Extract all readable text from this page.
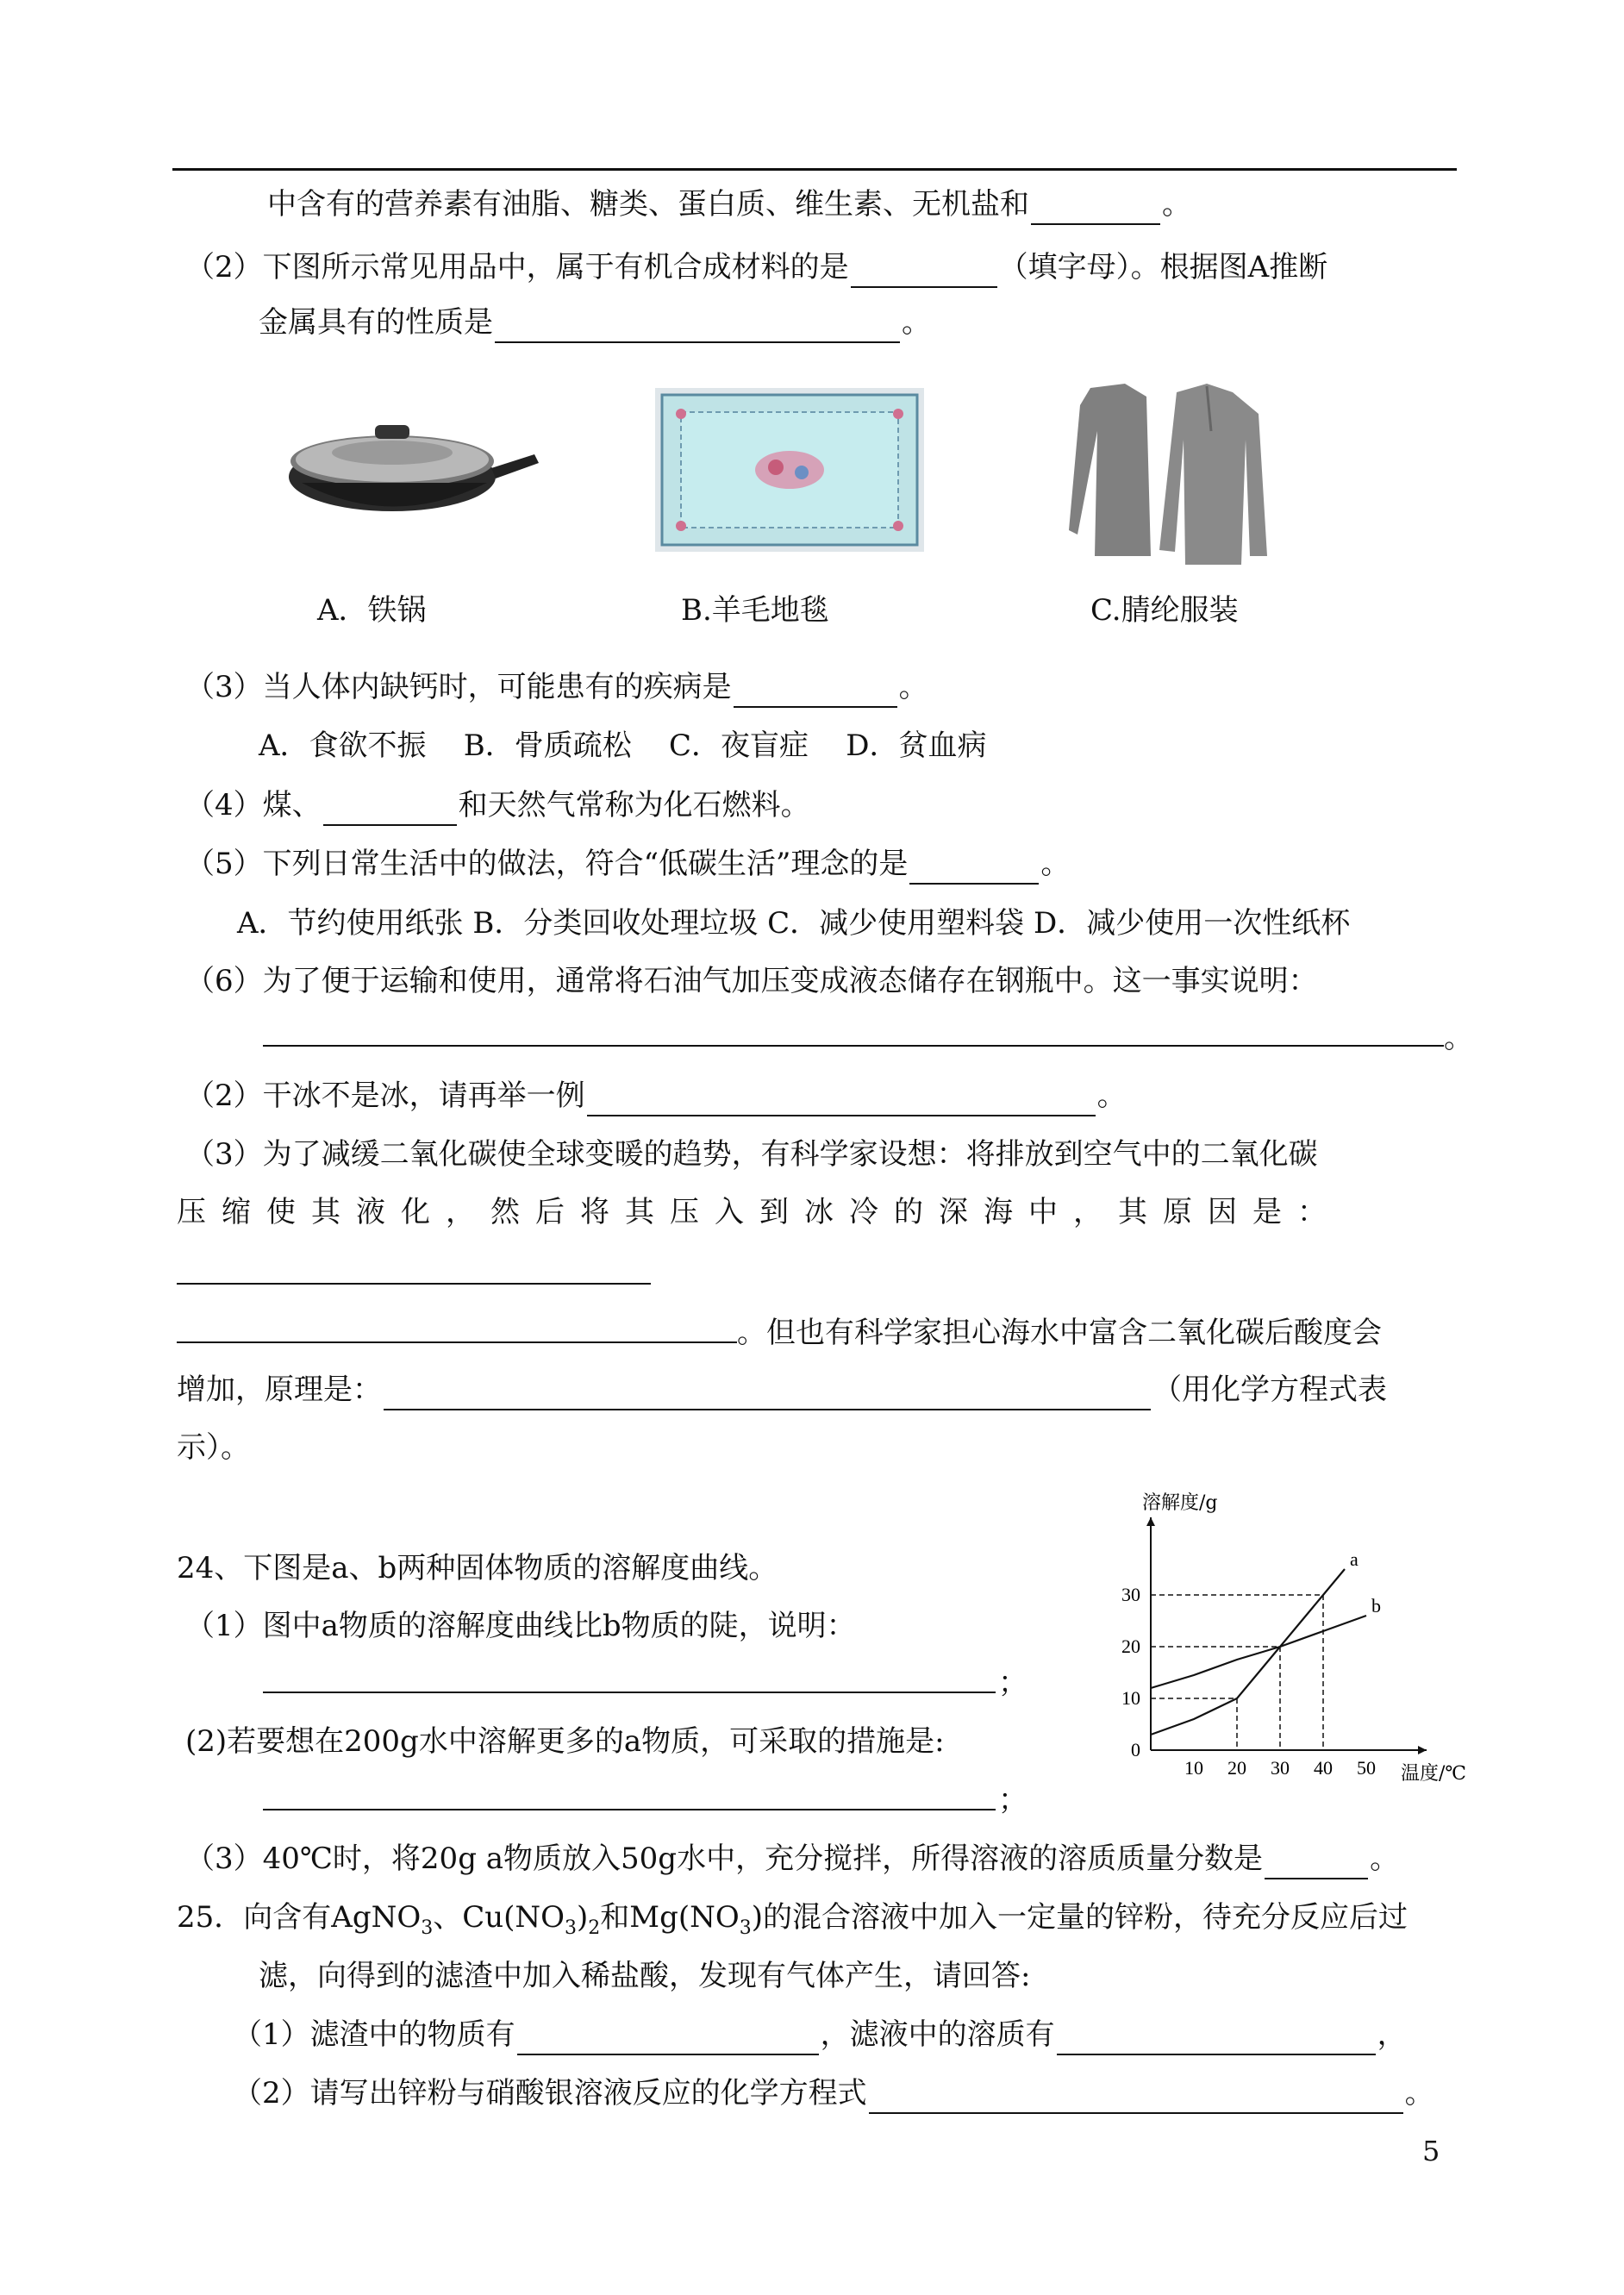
中含有的营养素有油脂、糖类、蛋白质、维生素、无机盐和	。
（2）下图所示常见用品中，属于有机合成材料的是	（填字母）。根据图A推断
金属具有的性质是	。
A．铁锅	B.羊毛地毯	C.腈纶服装
（3）当人体内缺钙时，可能患有的疾病是	。
A．食欲不振    B．骨质疏松    C．夜盲症    D．贫血病
（4）煤、	和天然气常称为化石燃料。
（5）下列日常生活中的做法，符合“低碳生活”理念的是	。
A．节约使用纸张 B．分类回收处理垃圾 C．减少使用塑料袋 D．减少使用一次性纸杯
（6）为了便于运输和使用，通常将石油气加压变成液态储存在钢瓶中。这一事实说明：
。
（2）干冰不是冰，请再举一例	。
（3）为了减缓二氧化碳使全球变暖的趋势，有科学家设想：将排放到空气中的二氧化碳
压缩使其液化，然后将其压入到冰冷的深海中，其原因是：
。但也有科学家担心海水中富含二氧化碳后酸度会
增加，原理是：	（用化学方程式表
示）。
24、下图是a、b两种固体物质的溶解度曲线。
（1）图中a物质的溶解度曲线比b物质的陡，说明：
；
(2)若要想在200g水中溶解更多的a物质，可采取的措施是:
；
（3）40℃时，将20g a物质放入50g水中，充分搅拌，所得溶液的溶质质量分数是	。
10 20 30 40 50
0
10
20
30
溶解度/g
温度/℃
a
b
25．向含有AgNO$_3$、$Cu(NO_3)_2$和$Mg(NO_3)$的混合溶液中加入一定量的锌粉，待充分反应后过
滤，向得到的滤渣中加入稀盐酸，发现有气体产生，请回答:
（1）滤渣中的物质有	，滤液中的溶质有	，
（2）请写出锌粉与硝酸银溶液反应的化学方程式	。
5
